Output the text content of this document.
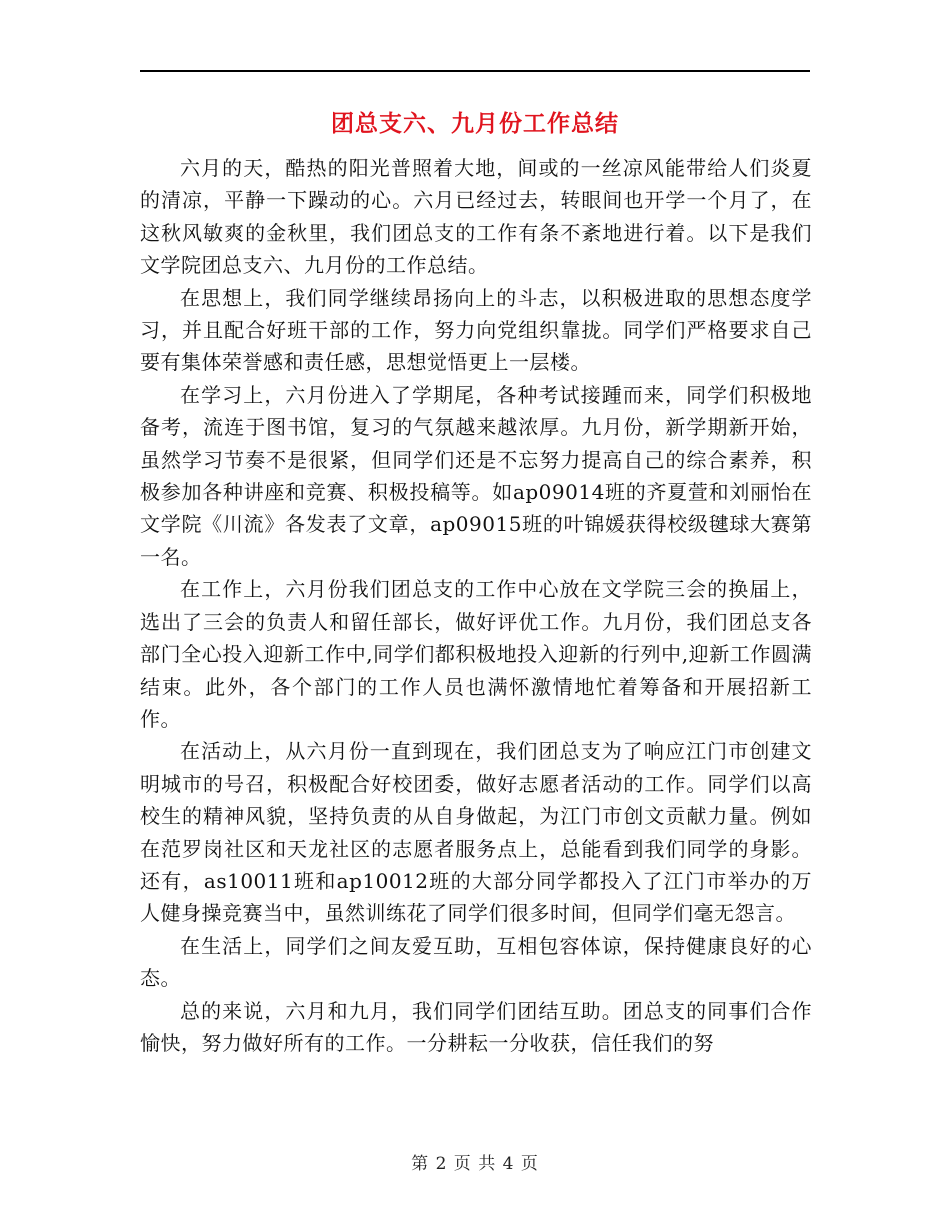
团总支六、九月份工作总结

六月的天，酷热的阳光普照着大地，间或的一丝凉风能带给人们炎夏的清凉，平静一下躁动的心。六月已经过去，转眼间也开学一个月了，在这秋风敏爽的金秋里，我们团总支的工作有条不紊地进行着。以下是我们文学院团总支六、九月份的工作总结。

在思想上，我们同学继续昂扬向上的斗志，以积极进取的思想态度学习，并且配合好班干部的工作，努力向党组织靠拢。同学们严格要求自己要有集体荣誉感和责任感，思想觉悟更上一层楼。

在学习上，六月份进入了学期尾，各种考试接踵而来，同学们积极地备考，流连于图书馆，复习的气氛越来越浓厚。九月份，新学期新开始，虽然学习节奏不是很紧，但同学们还是不忘努力提高自己的综合素养，积极参加各种讲座和竞赛、积极投稿等。如ap09014班的齐夏萱和刘丽怡在文学院《川流》各发表了文章，ap09015班的叶锦媛获得校级毽球大赛第一名。

在工作上，六月份我们团总支的工作中心放在文学院三会的换届上，选出了三会的负责人和留任部长，做好评优工作。九月份，我们团总支各部门全心投入迎新工作中,同学们都积极地投入迎新的行列中,迎新工作圆满结束。此外，各个部门的工作人员也满怀激情地忙着筹备和开展招新工作。

在活动上，从六月份一直到现在，我们团总支为了响应江门市创建文明城市的号召，积极配合好校团委，做好志愿者活动的工作。同学们以高校生的精神风貌，坚持负责的从自身做起，为江门市创文贡献力量。例如在范罗岗社区和天龙社区的志愿者服务点上，总能看到我们同学的身影。还有，as10011班和ap10012班的大部分同学都投入了江门市举办的万人健身操竞赛当中，虽然训练花了同学们很多时间，但同学们毫无怨言。

在生活上，同学们之间友爱互助，互相包容体谅，保持健康良好的心态。

总的来说，六月和九月，我们同学们团结互助。团总支的同事们合作愉快，努力做好所有的工作。一分耕耘一分收获，信任我们的努

第 2 页 共 4 页
